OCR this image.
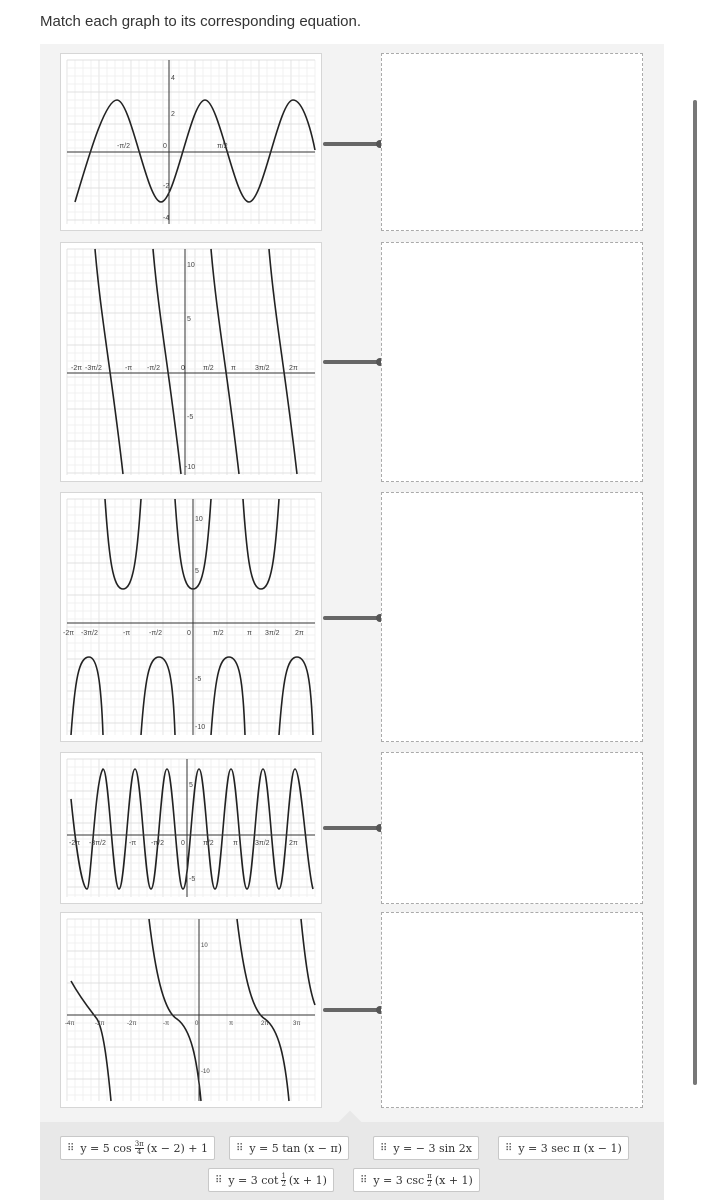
Match each graph to its corresponding equation.
-π/2	0	π/2
4
2
-2
-4
-2π -3π/2	-π -π/2	0	π/2 π	3π/2	2π
10
5
-5
-10
-2π -3π/2	-π	-π/2	0	π/2	π 3π/2 2π
10
5
-5
-10
-2π -3π/2	-π -π/2 0	π/2	π 3π/2	2π
5
-5
-4π	-3π	-2π	-π	0	π	2π	3π
10
-10
⠿ y = 5 $\cos \frac{3\pi}{4} (x - 2) + 1$	⠿ y = 5 tan (x − π)	⠿ y = − 3 sin 2x	⠿ y = 3 sec π (x − 1)
⠿ y = 3 $\cot \frac{1}{2} (x + 1)$	⠿ y = 3 $\csc \frac{\pi}{2} (x + 1)$
